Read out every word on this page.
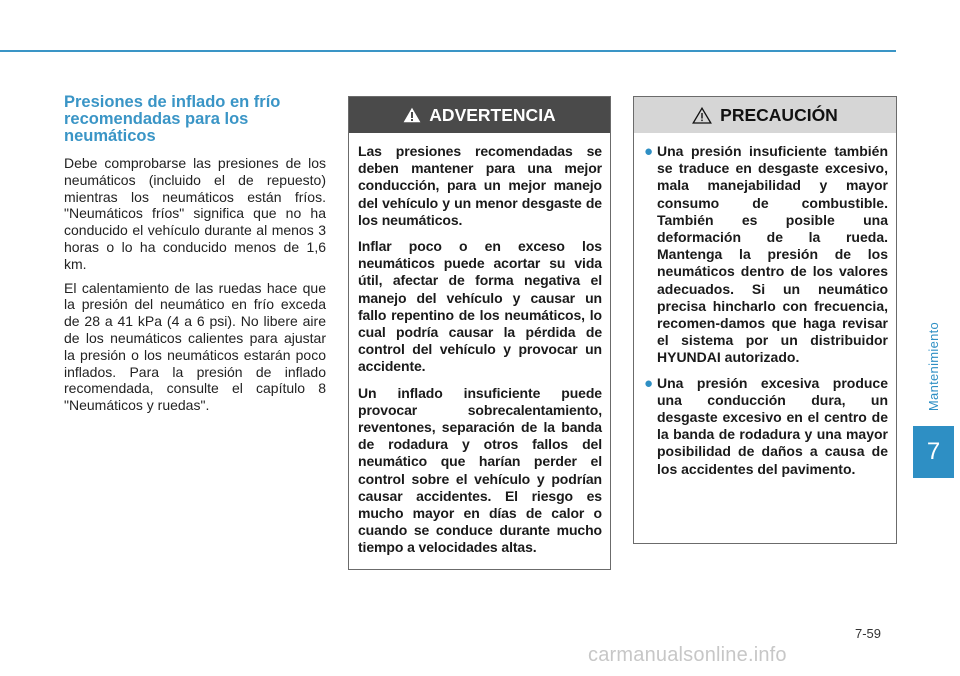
Mantenimiento
7
Presiones de inflado en frío recomendadas para los neumáticos

Debe comprobarse las presiones de los neumáticos (incluido el de repuesto) mientras los neumáticos están fríos. "Neumáticos fríos" significa que no ha conducido el vehículo durante al menos 3 horas o lo ha conducido menos de 1,6 km.

El calentamiento de las ruedas hace que la presión del neumático en frío exceda de 28 a 41 kPa (4 a 6 psi). No libere aire de los neumáticos calientes para ajustar la presión o los neumáticos estarán poco inflados. Para la presión de inflado recomendada, consulte el capítulo 8 "Neumáticos y ruedas".

ADVERTENCIA

Las presiones recomendadas se deben mantener para una mejor conducción, para un mejor manejo del vehículo y un menor desgaste de los neumáticos.

Inflar poco o en exceso los neumáticos puede acortar su vida útil, afectar de forma negativa el manejo del vehículo y causar un fallo repentino de los neumáticos, lo cual podría causar la pérdida de control del vehículo y provocar un accidente.

Un inflado insuficiente puede provocar sobrecalentamiento, reventones, separación de la banda de rodadura y otros fallos del neumático que harían perder el control sobre el vehículo y podrían causar accidentes. El riesgo es mucho mayor en días de calor o cuando se conduce durante mucho tiempo a velocidades altas.

PRECAUCIÓN
● Una presión insuficiente también se traduce en desgaste excesivo, mala manejabilidad y mayor consumo de combustible. También es posible una deformación de la rueda. Mantenga la presión de los neumáticos dentro de los valores adecuados. Si un neumático precisa hincharlo con frecuencia, recomen-damos que haga revisar el sistema por un distribuidor HYUNDAI autorizado.
● Una presión excesiva produce una conducción dura, un desgaste excesivo en el centro de la banda de rodadura y una mayor posibilidad de daños a causa de los accidentes del pavimento.
7-59
carmanualsonline.info
